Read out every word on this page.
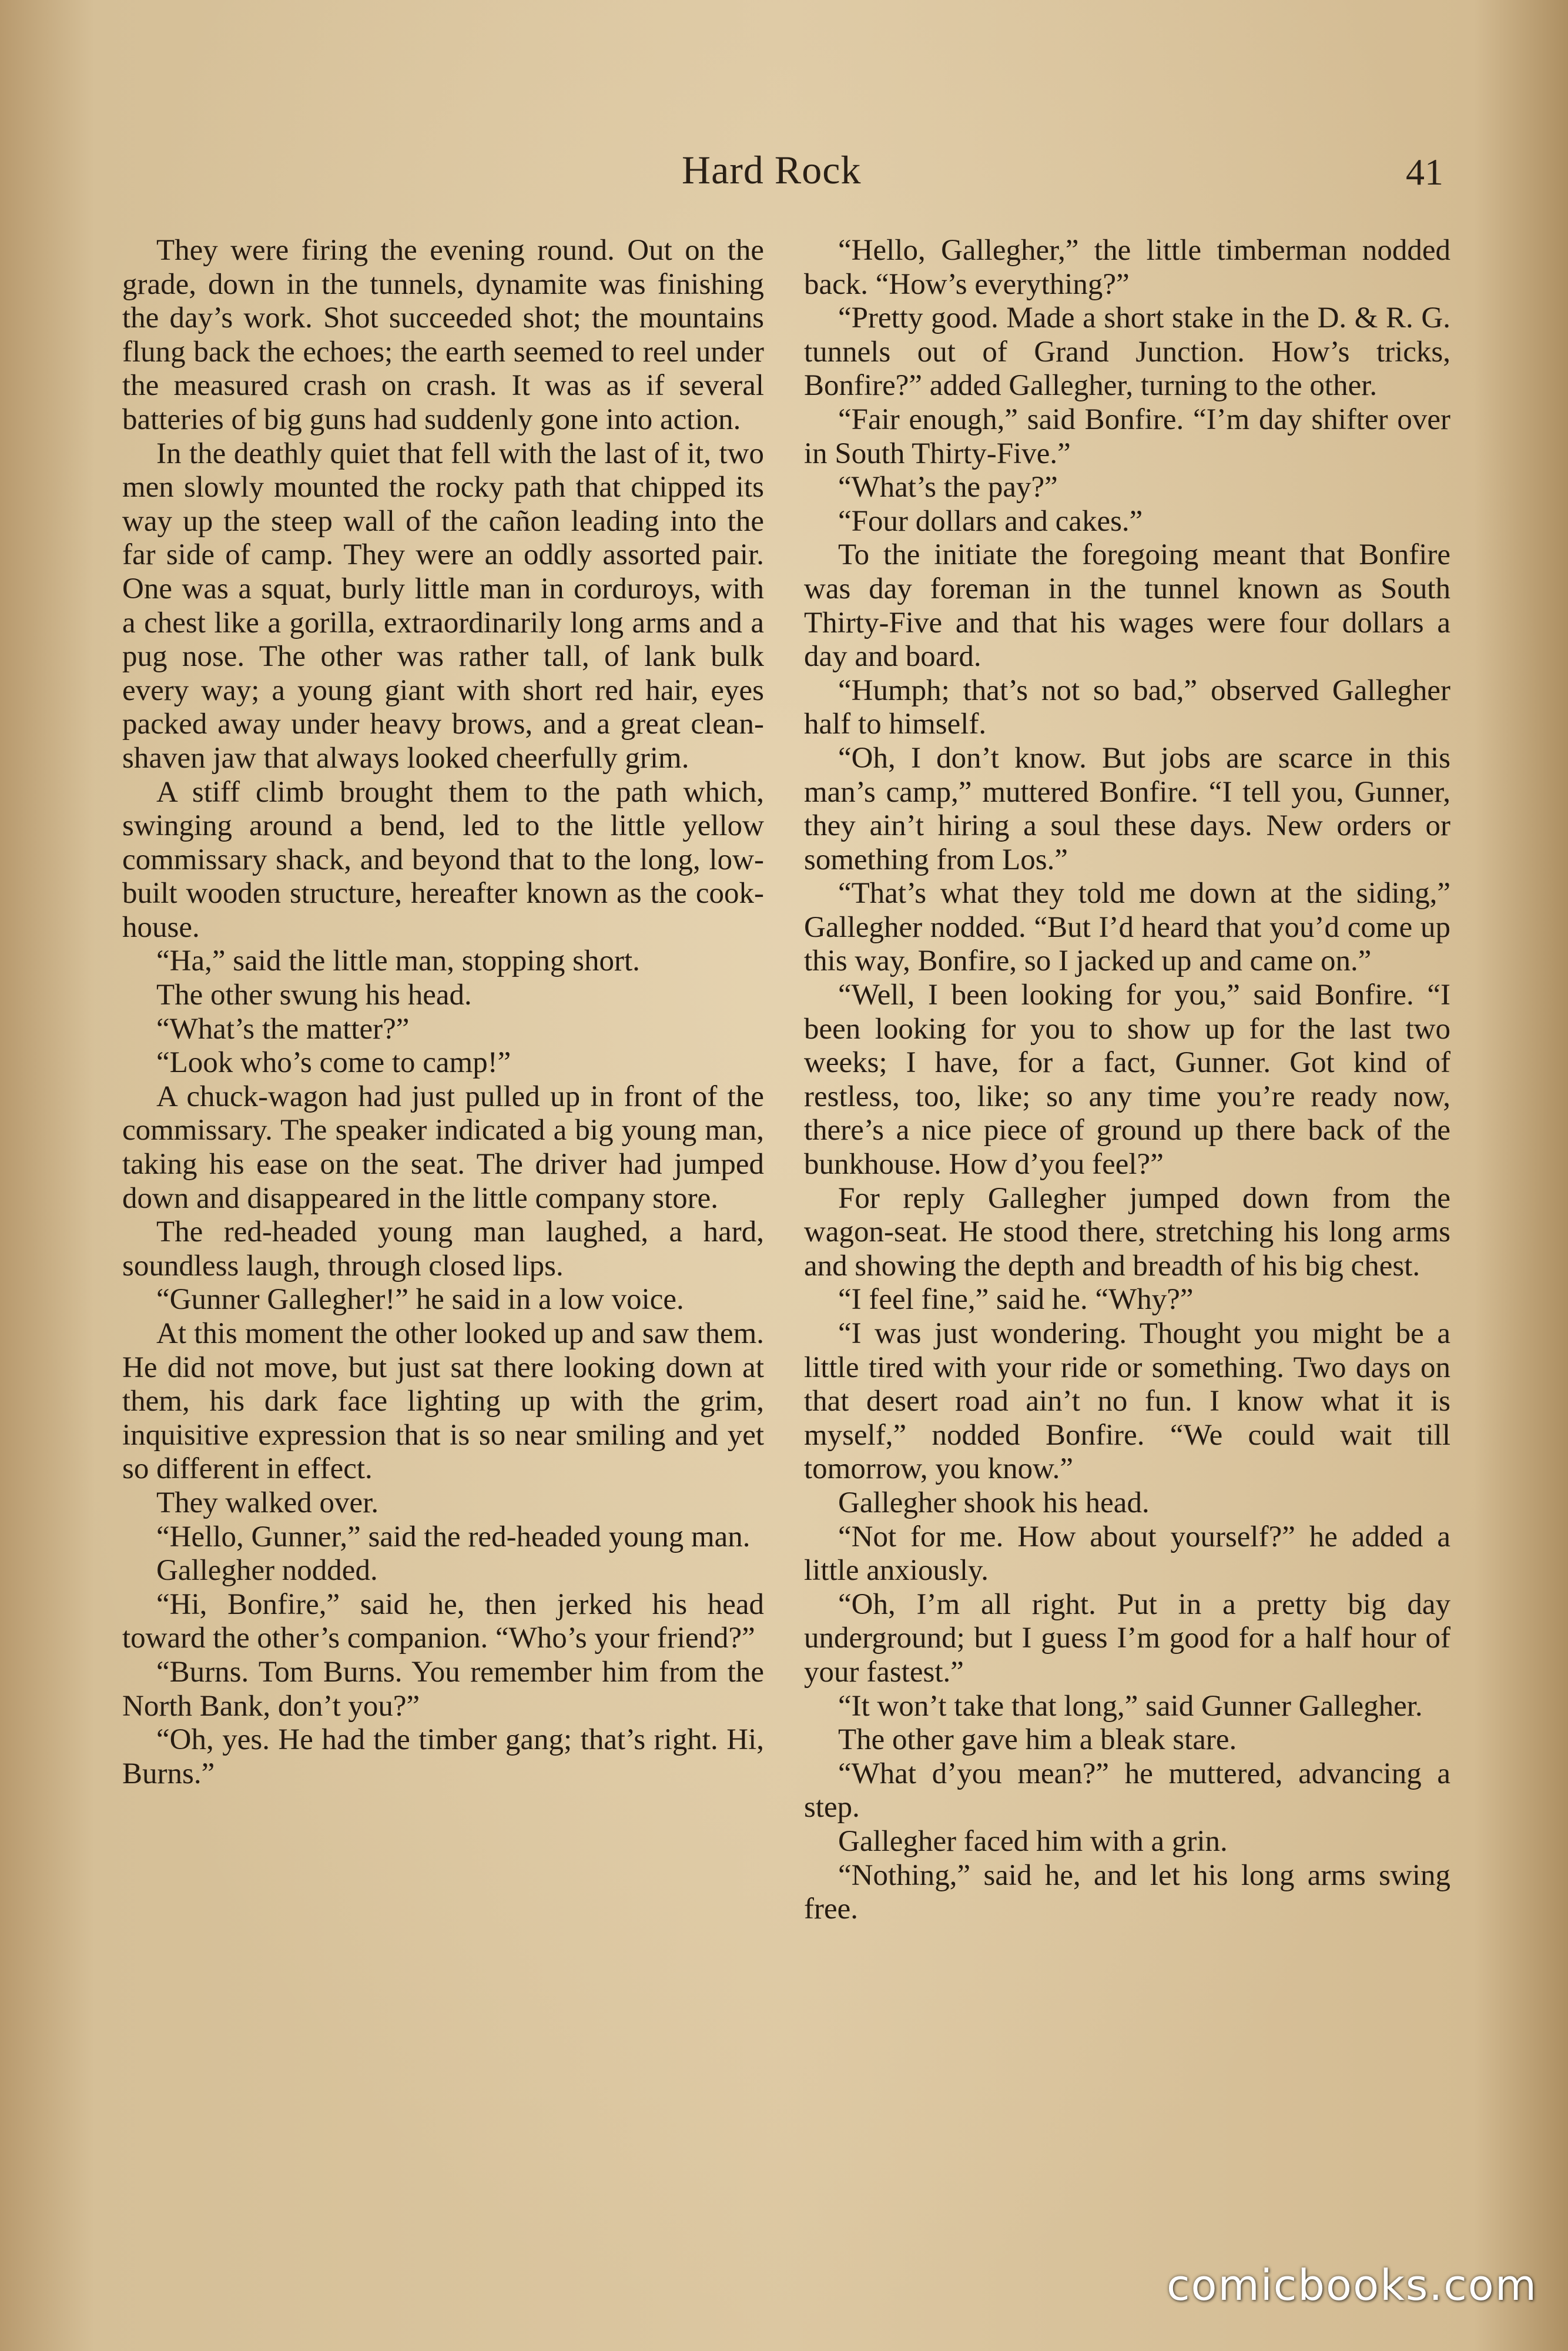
Hard Rock	41

They were firing the evening round. Out on the grade, down in the tunnels, dynamite was finishing the day’s work. Shot succeeded shot; the mountains flung back the echoes; the earth seemed to reel under the measured crash on crash. It was as if several batteries of big guns had suddenly gone into action.

In the deathly quiet that fell with the last of it, two men slowly mounted the rocky path that chipped its way up the steep wall of the cañon leading into the far side of camp. They were an oddly assorted pair. One was a squat, burly little man in corduroys, with a chest like a gorilla, extraordinarily long arms and a pug nose. The other was rather tall, of lank bulk every way; a young giant with short red hair, eyes packed away under heavy brows, and a great clean-shaven jaw that always looked cheerfully grim.

A stiff climb brought them to the path which, swinging around a bend, led to the little yellow commissary shack, and beyond that to the long, low-built wooden structure, hereafter known as the cook-house.

“Ha,” said the little man, stopping short.

The other swung his head.

“What’s the matter?”

“Look who’s come to camp!”

A chuck-wagon had just pulled up in front of the commissary. The speaker indicated a big young man, taking his ease on the seat. The driver had jumped down and disappeared in the little company store.

The red-headed young man laughed, a hard, soundless laugh, through closed lips.

“Gunner Gallegher!” he said in a low voice.

At this moment the other looked up and saw them. He did not move, but just sat there looking down at them, his dark face lighting up with the grim, inquisitive expression that is so near smiling and yet so different in effect.

They walked over.

“Hello, Gunner,” said the red-headed young man.

Gallegher nodded.

“Hi, Bonfire,” said he, then jerked his head toward the other’s companion. “Who’s your friend?”

“Burns. Tom Burns. You remember him from the North Bank, don’t you?”

“Oh, yes. He had the timber gang; that’s right. Hi, Burns.”

“Hello, Gallegher,” the little timberman nodded back. “How’s everything?”

“Pretty good. Made a short stake in the D. & R. G. tunnels out of Grand Junction. How’s tricks, Bonfire?” added Gallegher, turning to the other.

“Fair enough,” said Bonfire. “I’m day shifter over in South Thirty-Five.”

“What’s the pay?”

“Four dollars and cakes.”

To the initiate the foregoing meant that Bonfire was day foreman in the tunnel known as South Thirty-Five and that his wages were four dollars a day and board.

“Humph; that’s not so bad,” observed Gallegher half to himself.

“Oh, I don’t know. But jobs are scarce in this man’s camp,” muttered Bonfire. “I tell you, Gunner, they ain’t hiring a soul these days. New orders or something from Los.”

“That’s what they told me down at the siding,” Gallegher nodded. “But I’d heard that you’d come up this way, Bonfire, so I jacked up and came on.”

“Well, I been looking for you,” said Bonfire. “I been looking for you to show up for the last two weeks; I have, for a fact, Gunner. Got kind of restless, too, like; so any time you’re ready now, there’s a nice piece of ground up there back of the bunkhouse. How d’you feel?”

For reply Gallegher jumped down from the wagon-seat. He stood there, stretching his long arms and showing the depth and breadth of his big chest.

“I feel fine,” said he. “Why?”

“I was just wondering. Thought you might be a little tired with your ride or something. Two days on that desert road ain’t no fun. I know what it is myself,” nodded Bonfire. “We could wait till tomorrow, you know.”

Gallegher shook his head.

“Not for me. How about yourself?” he added a little anxiously.

“Oh, I’m all right. Put in a pretty big day underground; but I guess I’m good for a half hour of your fastest.”

“It won’t take that long,” said Gunner Gallegher.

The other gave him a bleak stare.

“What d’you mean?” he muttered, advancing a step.

Gallegher faced him with a grin.

“Nothing,” said he, and let his long arms swing free.

comicbooks.com
